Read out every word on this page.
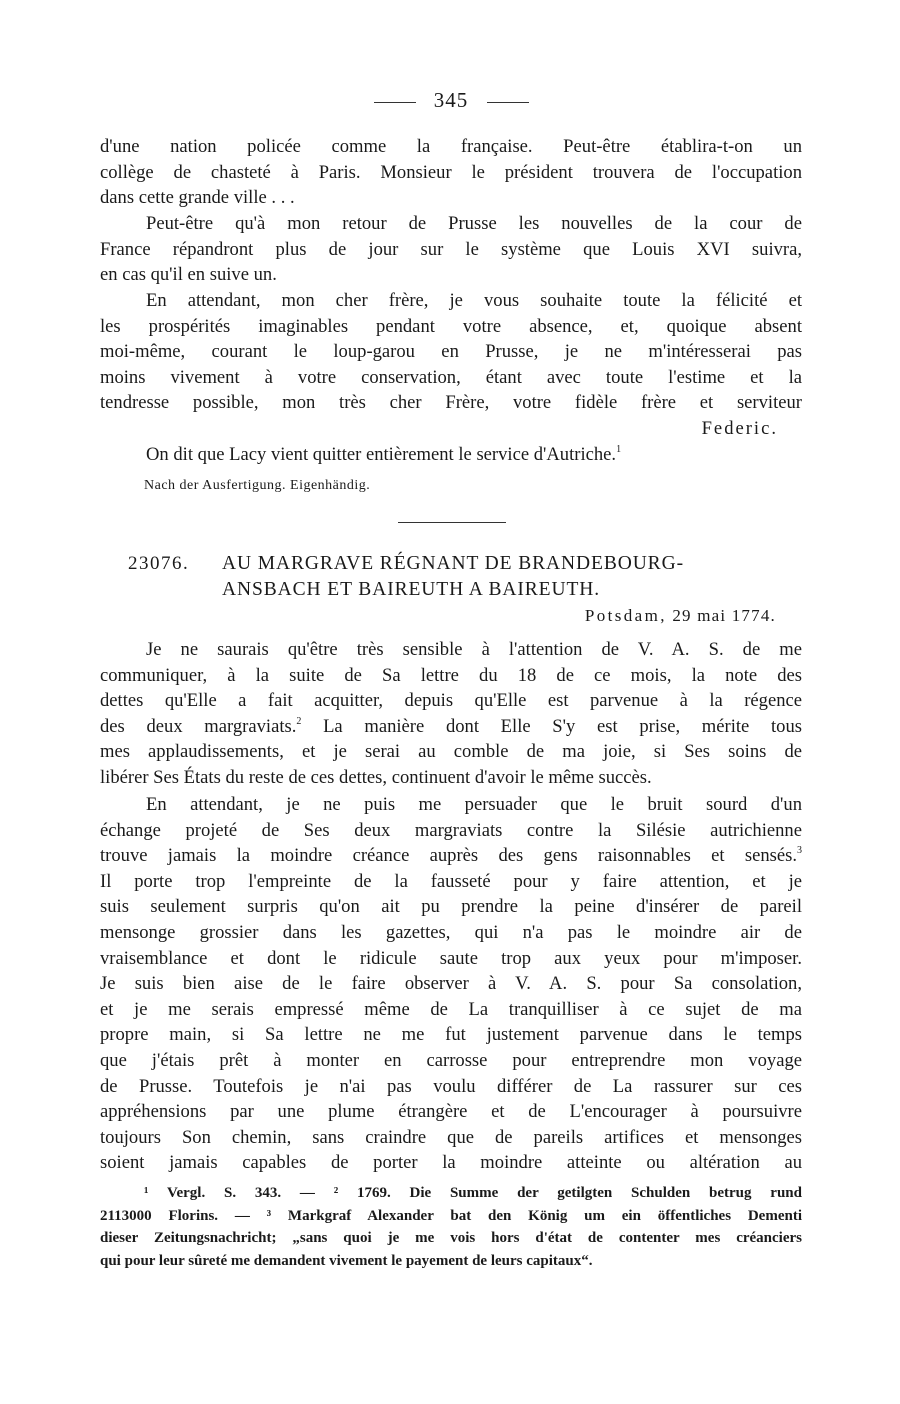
345
d'une nation policée comme la française. Peut-être établira-t-on un
collège de chasteté à Paris. Monsieur le président trouvera de l'occupation
dans cette grande ville . . .
Peut-être qu'à mon retour de Prusse les nouvelles de la cour de
France répandront plus de jour sur le système que Louis XVI suivra,
en cas qu'il en suive un.
En attendant, mon cher frère, je vous souhaite toute la félicité et
les prospérités imaginables pendant votre absence, et, quoique absent
moi-même, courant le loup-garou en Prusse, je ne m'intéresserai pas
moins vivement à votre conservation, étant avec toute l'estime et la
tendresse possible, mon très cher Frère, votre fidèle frère et serviteur
Federic.
On dit que Lacy vient quitter entièrement le service d'Autriche.$^1$
Nach der Ausfertigung. Eigenhändig.
23076. AU MARGRAVE RÉGNANT DE BRANDEBOURG-
ANSBACH ET BAIREUTH A BAIREUTH.
Potsdam, 29 mai 1774.
Je ne saurais qu'être très sensible à l'attention de V. A. S. de me
communiquer, à la suite de Sa lettre du 18 de ce mois, la note des
dettes qu'Elle a fait acquitter, depuis qu'Elle est parvenue à la régence
des deux margraviats.$^2$ La manière dont Elle S'y est prise, mérite tous
mes applaudissements, et je serai au comble de ma joie, si Ses soins de
libérer Ses États du reste de ces dettes, continuent d'avoir le même succès.
En attendant, je ne puis me persuader que le bruit sourd d'un
échange projeté de Ses deux margraviats contre la Silésie autrichienne
trouve jamais la moindre créance auprès des gens raisonnables et sensés.$^3$
Il porte trop l'empreinte de la fausseté pour y faire attention, et je
suis seulement surpris qu'on ait pu prendre la peine d'insérer de pareil
mensonge grossier dans les gazettes, qui n'a pas le moindre air de
vraisemblance et dont le ridicule saute trop aux yeux pour m'imposer.
Je suis bien aise de le faire observer à V. A. S. pour Sa consolation,
et je me serais empressé même de La tranquilliser à ce sujet de ma
propre main, si Sa lettre ne me fut justement parvenue dans le temps
que j'étais prêt à monter en carrosse pour entreprendre mon voyage
de Prusse. Toutefois je n'ai pas voulu différer de La rassurer sur ces
appréhensions par une plume étrangère et de L'encourager à poursuivre
toujours Son chemin, sans craindre que de pareils artifices et mensonges
soient jamais capables de porter la moindre atteinte ou altération au
¹ Vergl. S. 343. — ² 1769. Die Summe der getilgten Schulden betrug rund
2113000 Florins. — ³ Markgraf Alexander bat den König um ein öffentliches Dementi
dieser Zeitungsnachricht; „sans quoi je me vois hors d'état de contenter mes créanciers
qui pour leur sûreté me demandent vivement le payement de leurs capitaux“.
